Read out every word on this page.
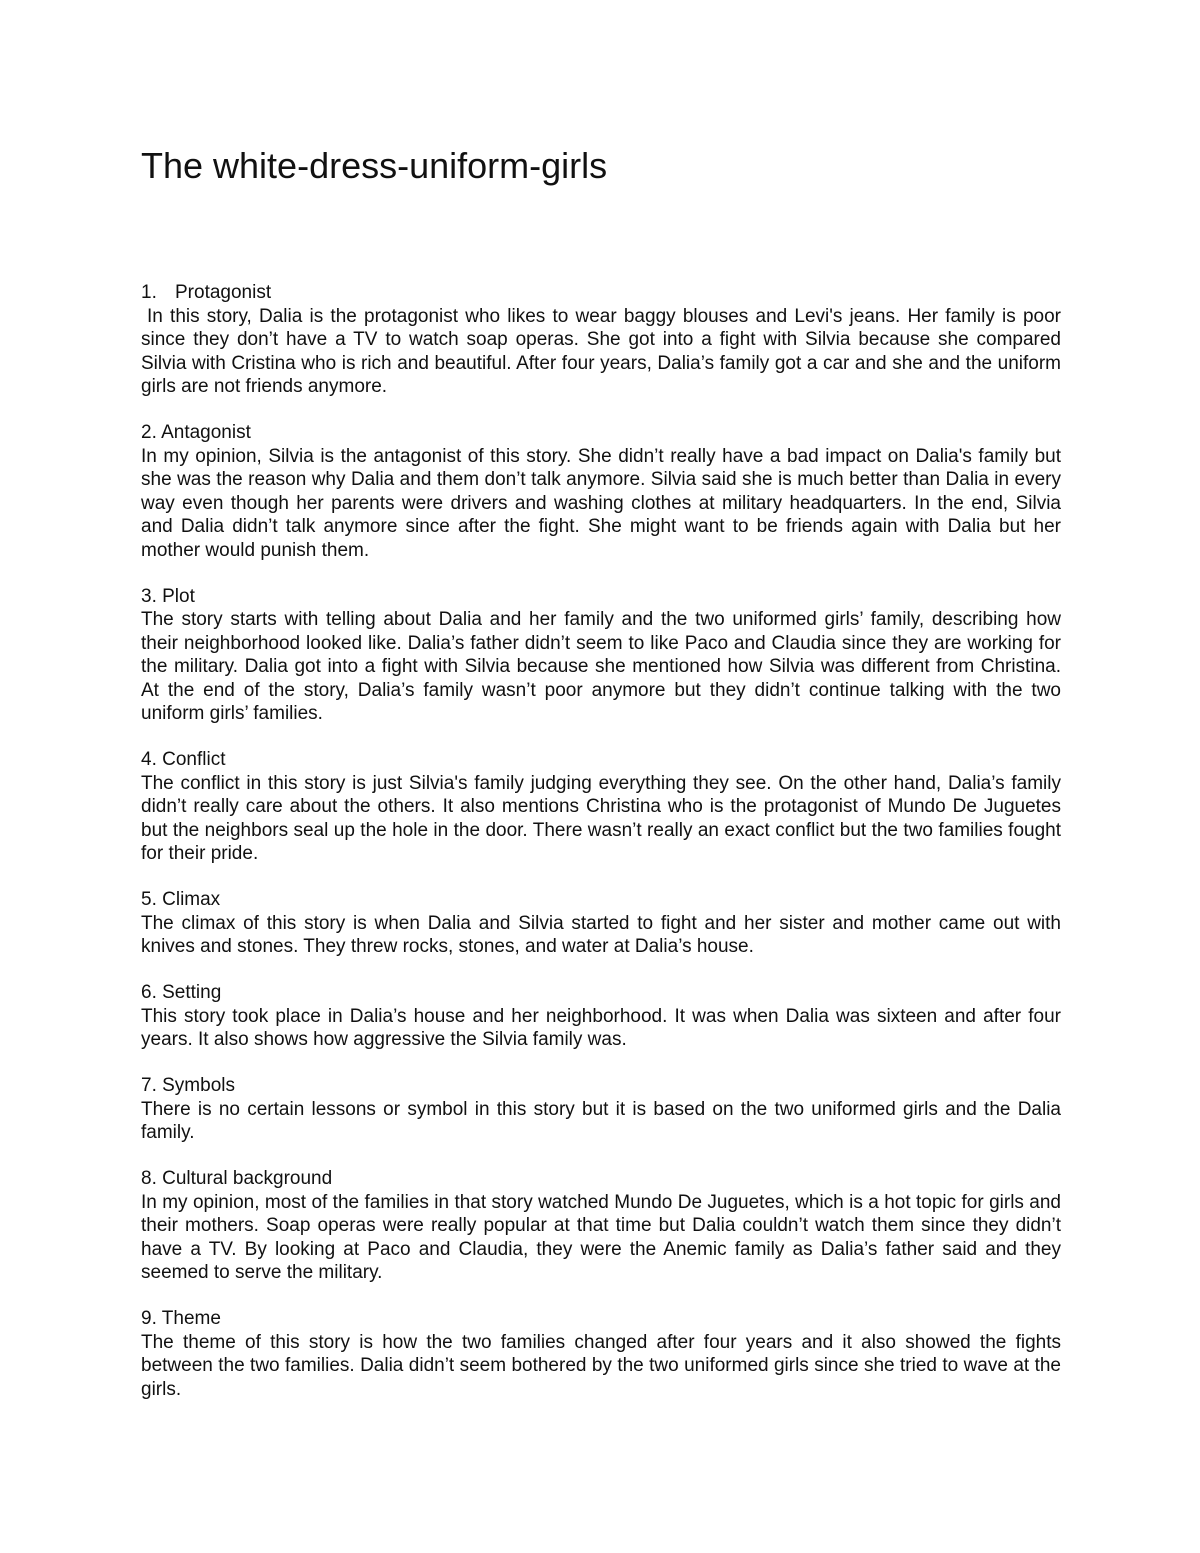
The white-dress-uniform-girls

1. Protagonist

In this story, Dalia is the protagonist who likes to wear baggy blouses and Levi's jeans. Her family is poor since they don’t have a TV to watch soap operas. She got into a fight with Silvia because she compared Silvia with Cristina who is rich and beautiful. After four years, Dalia’s family got a car and she and the uniform girls are not friends anymore.

2. Antagonist

In my opinion, Silvia is the antagonist of this story. She didn’t really have a bad impact on Dalia's family but she was the reason why Dalia and them don’t talk anymore. Silvia said she is much better than Dalia in every way even though her parents were drivers and washing clothes at military headquarters. In the end, Silvia and Dalia didn’t talk anymore since after the fight. She might want to be friends again with Dalia but her mother would punish them.

3. Plot

The story starts with telling about Dalia and her family and the two uniformed girls’ family, describing how their neighborhood looked like. Dalia’s father didn’t seem to like Paco and Claudia since they are working for the military. Dalia got into a fight with Silvia because she mentioned how Silvia was different from Christina. At the end of the story, Dalia’s family wasn’t poor anymore but they didn’t continue talking with the two uniform girls’ families.

4. Conflict

The conflict in this story is just Silvia's family judging everything they see. On the other hand, Dalia’s family didn’t really care about the others. It also mentions Christina who is the protagonist of Mundo De Juguetes but the neighbors seal up the hole in the door. There wasn’t really an exact conflict but the two families fought for their pride.

5. Climax

The climax of this story is when Dalia and Silvia started to fight and her sister and mother came out with knives and stones. They threw rocks, stones, and water at Dalia’s house.

6. Setting

This story took place in Dalia’s house and her neighborhood. It was when Dalia was sixteen and after four years. It also shows how aggressive the Silvia family was.

7. Symbols

There is no certain lessons or symbol in this story but it is based on the two uniformed girls and the Dalia family.

8. Cultural background

In my opinion, most of the families in that story watched Mundo De Juguetes, which is a hot topic for girls and their mothers. Soap operas were really popular at that time but Dalia couldn’t watch them since they didn’t have a TV. By looking at Paco and Claudia, they were the Anemic family as Dalia’s father said and they seemed to serve the military.

9. Theme

The theme of this story is how the two families changed after four years and it also showed the fights between the two families. Dalia didn’t seem bothered by the two uniformed girls since she tried to wave at the girls.
